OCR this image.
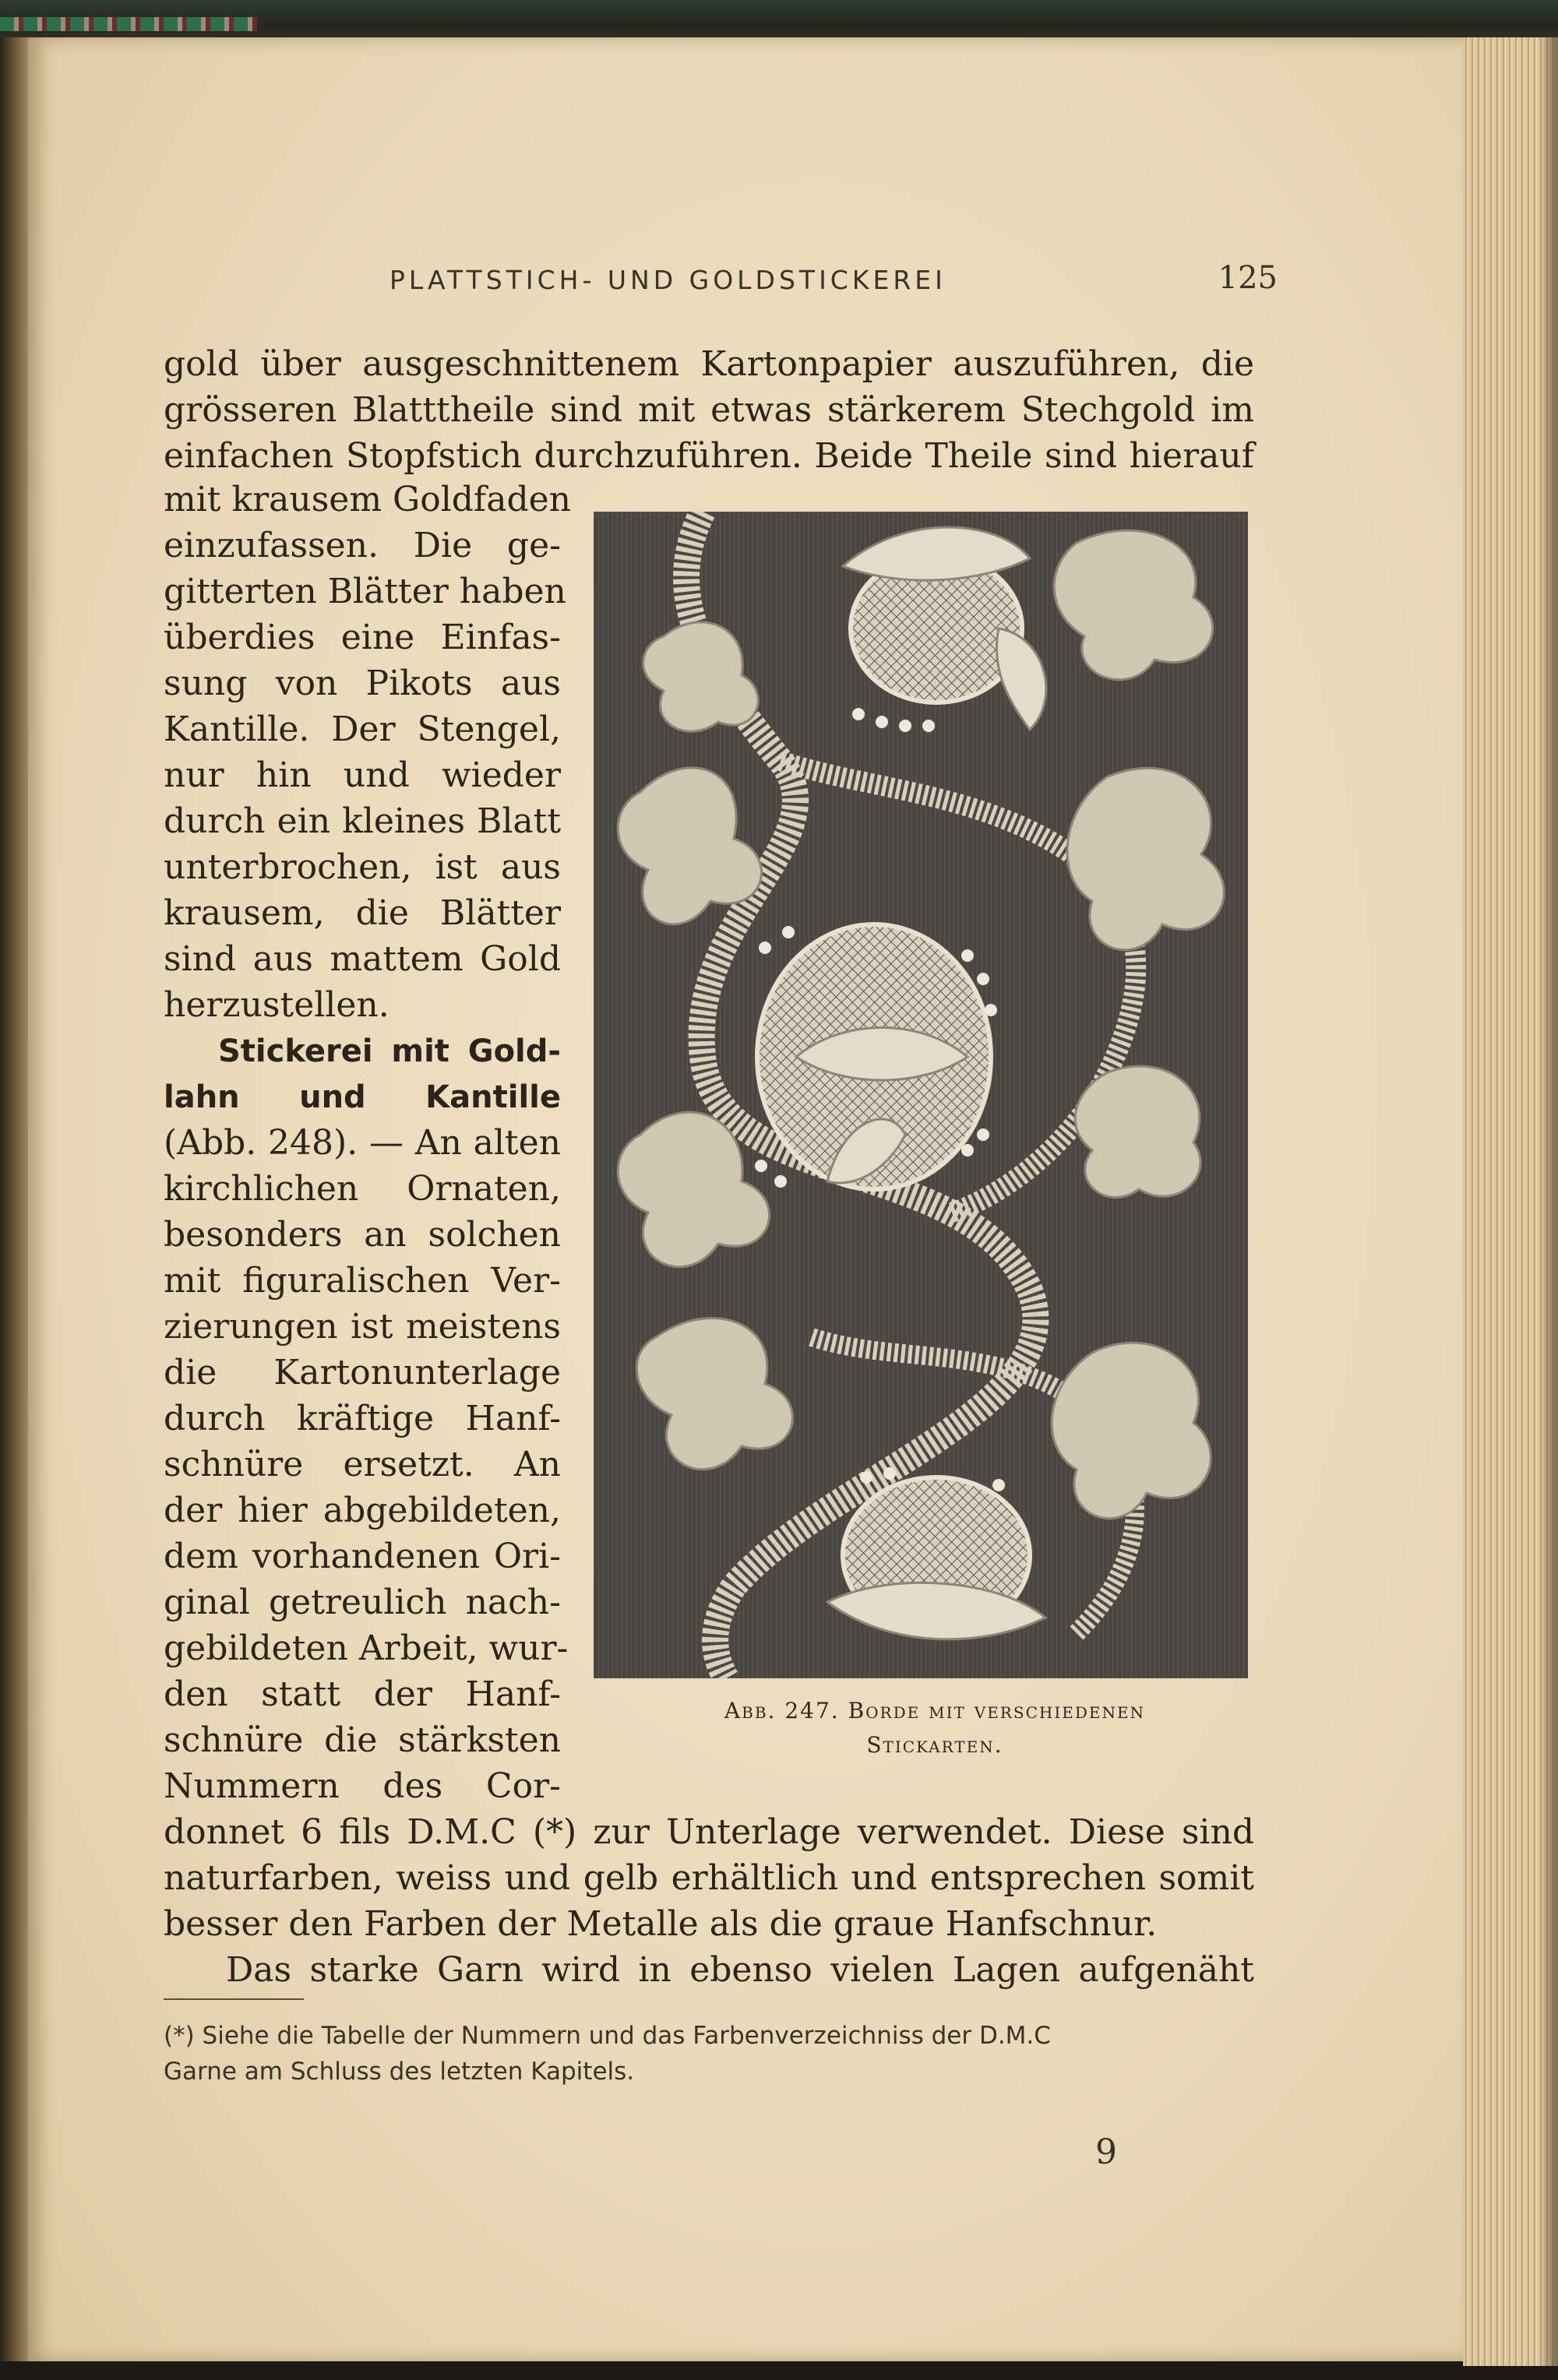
PLATTSTICH- UND GOLDSTICKEREI	125
gold über ausgeschnittenem Kartonpapier auszuführen, die
grösseren Blatttheile sind mit etwas stärkerem Stechgold im
einfachen Stopfstich durchzuführen. Beide Theile sind hierauf
mit krausem Goldfaden
einzufassen. Die ge-
gitterten Blätter haben
überdies eine Einfas-
sung von Pikots aus
Kantille. Der Stengel,
nur hin und wieder
durch ein kleines Blatt
unterbrochen, ist aus
krausem, die Blätter
sind aus mattem Gold
herzustellen.
Stickerei mit Gold-
lahn und Kantille
(Abb. 248). — An alten
kirchlichen Ornaten,
besonders an solchen
mit figuralischen Ver-
zierungen ist meistens
die Kartonunterlage
durch kräftige Hanf-
schnüre ersetzt. An
der hier abgebildeten,
dem vorhandenen Ori-
ginal getreulich nach-
gebildeten Arbeit, wur-
den statt der Hanf-
schnüre die stärksten
Nummern des Cor-
donnet 6 fils D.M.C (*) zur Unterlage verwendet. Diese sind
naturfarben, weiss und gelb erhältlich und entsprechen somit
besser den Farben der Metalle als die graue Hanfschnur.
Das starke Garn wird in ebenso vielen Lagen aufgenäht
Abb. 247. Borde mit verschiedenen
Stickarten.
(*) Siehe die Tabelle der Nummern und das Farbenverzeichniss der D.M.C
Garne am Schluss des letzten Kapitels.
9
